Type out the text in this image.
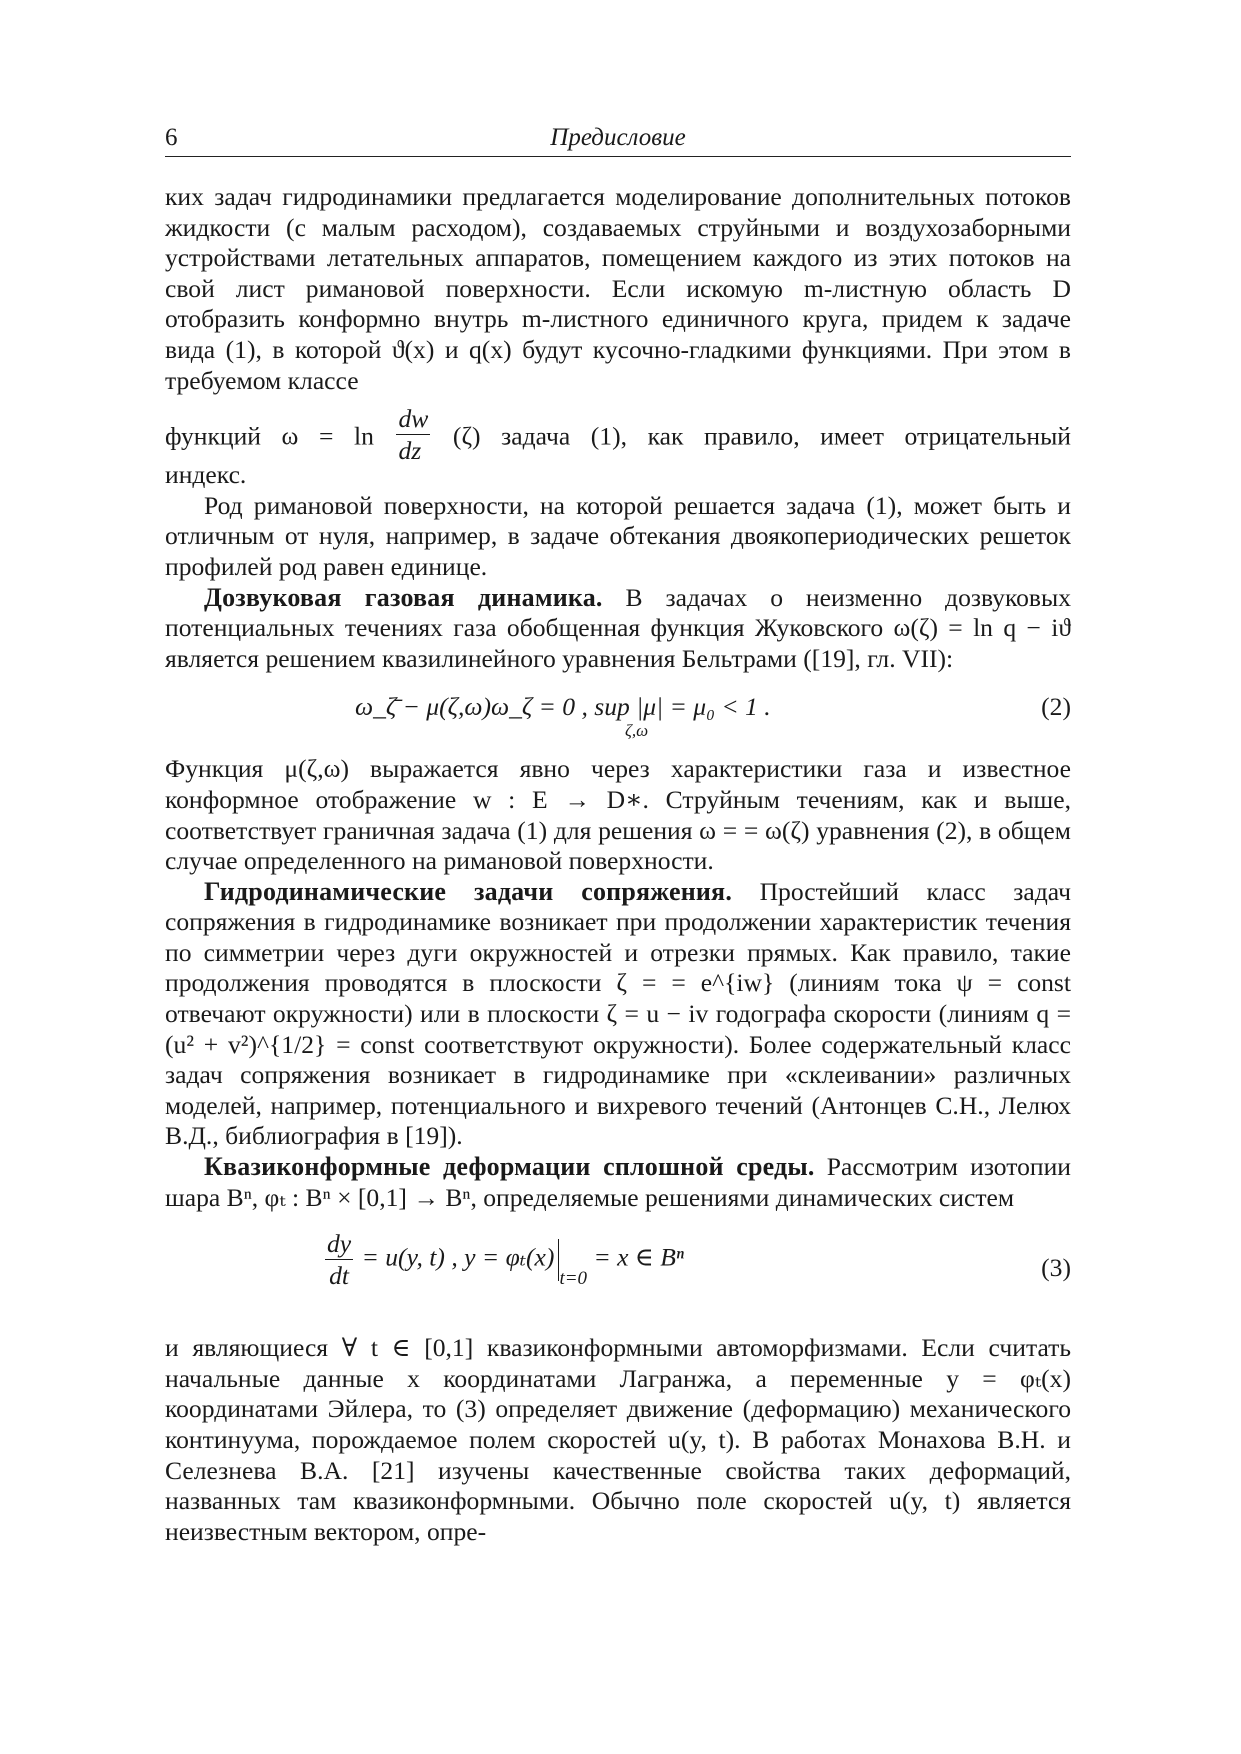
6	Предисловие

ких задач гидродинамики предлагается моделирование дополнительных потоков жидкости (с малым расходом), создаваемых струйными и воздухозаборными устройствами летательных аппаратов, помещением каждого из этих потоков на свой лист римановой поверхности. Если искомую m-листную область D отобразить конформно внутрь m-листного единичного круга, придем к задаче вида (1), в которой ϑ(x) и q(x) будут кусочно-гладкими функциями. При этом в требуемом классе

функций $\omega = \ln \frac{dw}{dz} (\zeta)$ задача (1), как правило, имеет отрицательный

индекс.

Род римановой поверхности, на которой решается задача (1), может быть и отличным от нуля, например, в задаче обтекания двоякопериодических решеток профилей род равен единице.

Дозвуковая газовая динамика. В задачах о неизменно дозвуковых потенциальных течениях газа обобщенная функция Жуковского ω(ζ) = ln q − iϑ является решением квазилинейного уравнения Бельтрами ([19], гл. VII):

ω_ζ̄ − μ(ζ,ω)ω_ζ = 0 , sup |μ| = μ₀ < 1 .
ζ,ω
(2)

Функция μ(ζ,ω) выражается явно через характеристики газа и известное конформное отображение w : E → D∗. Струйным течениям, как и выше, соответствует граничная задача (1) для решения ω = = ω(ζ) уравнения (2), в общем случае определенного на римановой поверхности.

Гидродинамические задачи сопряжения. Простейший класс задач сопряжения в гидродинамике возникает при продолжении характеристик течения по симметрии через дуги окружностей и отрезки прямых. Как правило, такие продолжения проводятся в плоскости ζ = = e^{iw} (линиям тока ψ = const отвечают окружности) или в плоскости ζ = u − iv годографа скорости (линиям q = (u² + v²)^{1/2} = const соответствуют окружности). Более содержательный класс задач сопряжения возникает в гидродинамике при «склеивании» различных моделей, например, потенциального и вихревого течений (Антонцев С.Н., Лелюх В.Д., библиография в [19]).

Квазиконформные деформации сплошной среды. Рассмотрим изотопии шара Bⁿ, φₜ : Bⁿ × [0,1] → Bⁿ, определяемые решениями динамических систем

$\frac{dy}{dt} = u(y$, t) , $y = \varphi_t(x)_{t=0} = x$ ∈ Bⁿ	(3)

и являющиеся ∀ t ∈ [0,1] квазиконформными автоморфизмами. Если считать начальные данные x координатами Лагранжа, а переменные y = φₜ(x) координатами Эйлера, то (3) определяет движение (деформацию) механического континуума, порождаемое полем скоростей u(y, t). В работах Монахова В.Н. и Селезнева В.А. [21] изучены качественные свойства таких деформаций, названных там квазиконформными. Обычно поле скоростей u(y, t) является неизвестным вектором, опре-
